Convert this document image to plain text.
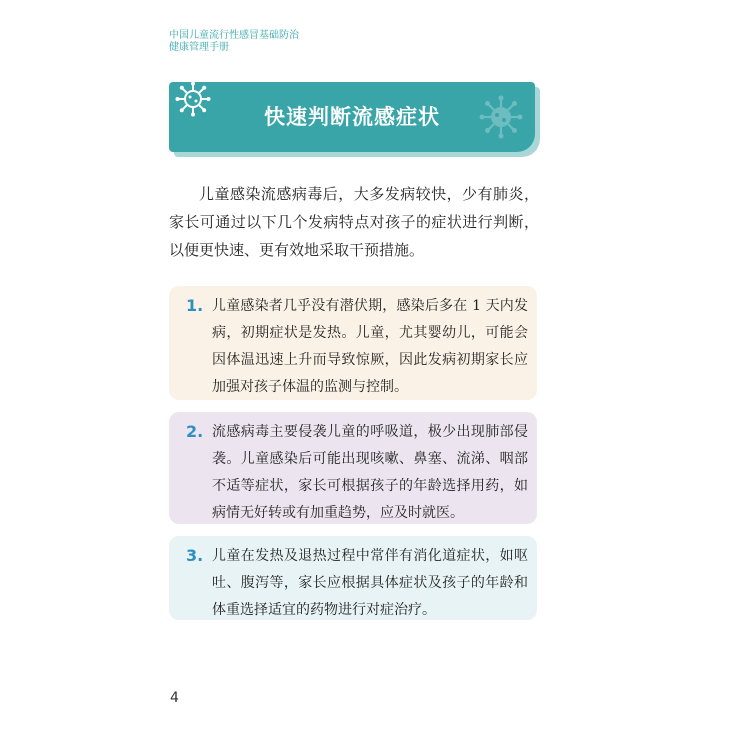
中国儿童流行性感冒基础防治
健康管理手册
快速判断流感症状
儿童感染流感病毒后，大多发病较快，少有肺炎，家长可通过以下几个发病特点对孩子的症状进行判断，以便更快速、更有效地采取干预措施。
1. 儿童感染者几乎没有潜伏期，感染后多在 1 天内发病，初期症状是发热。儿童，尤其婴幼儿，可能会因体温迅速上升而导致惊厥，因此发病初期家长应加强对孩子体温的监测与控制。
2. 流感病毒主要侵袭儿童的呼吸道，极少出现肺部侵袭。儿童感染后可能出现咳嗽、鼻塞、流涕、咽部不适等症状，家长可根据孩子的年龄选择用药，如病情无好转或有加重趋势，应及时就医。
3. 儿童在发热及退热过程中常伴有消化道症状，如呕吐、腹泻等，家长应根据具体症状及孩子的年龄和体重选择适宜的药物进行对症治疗。
4
